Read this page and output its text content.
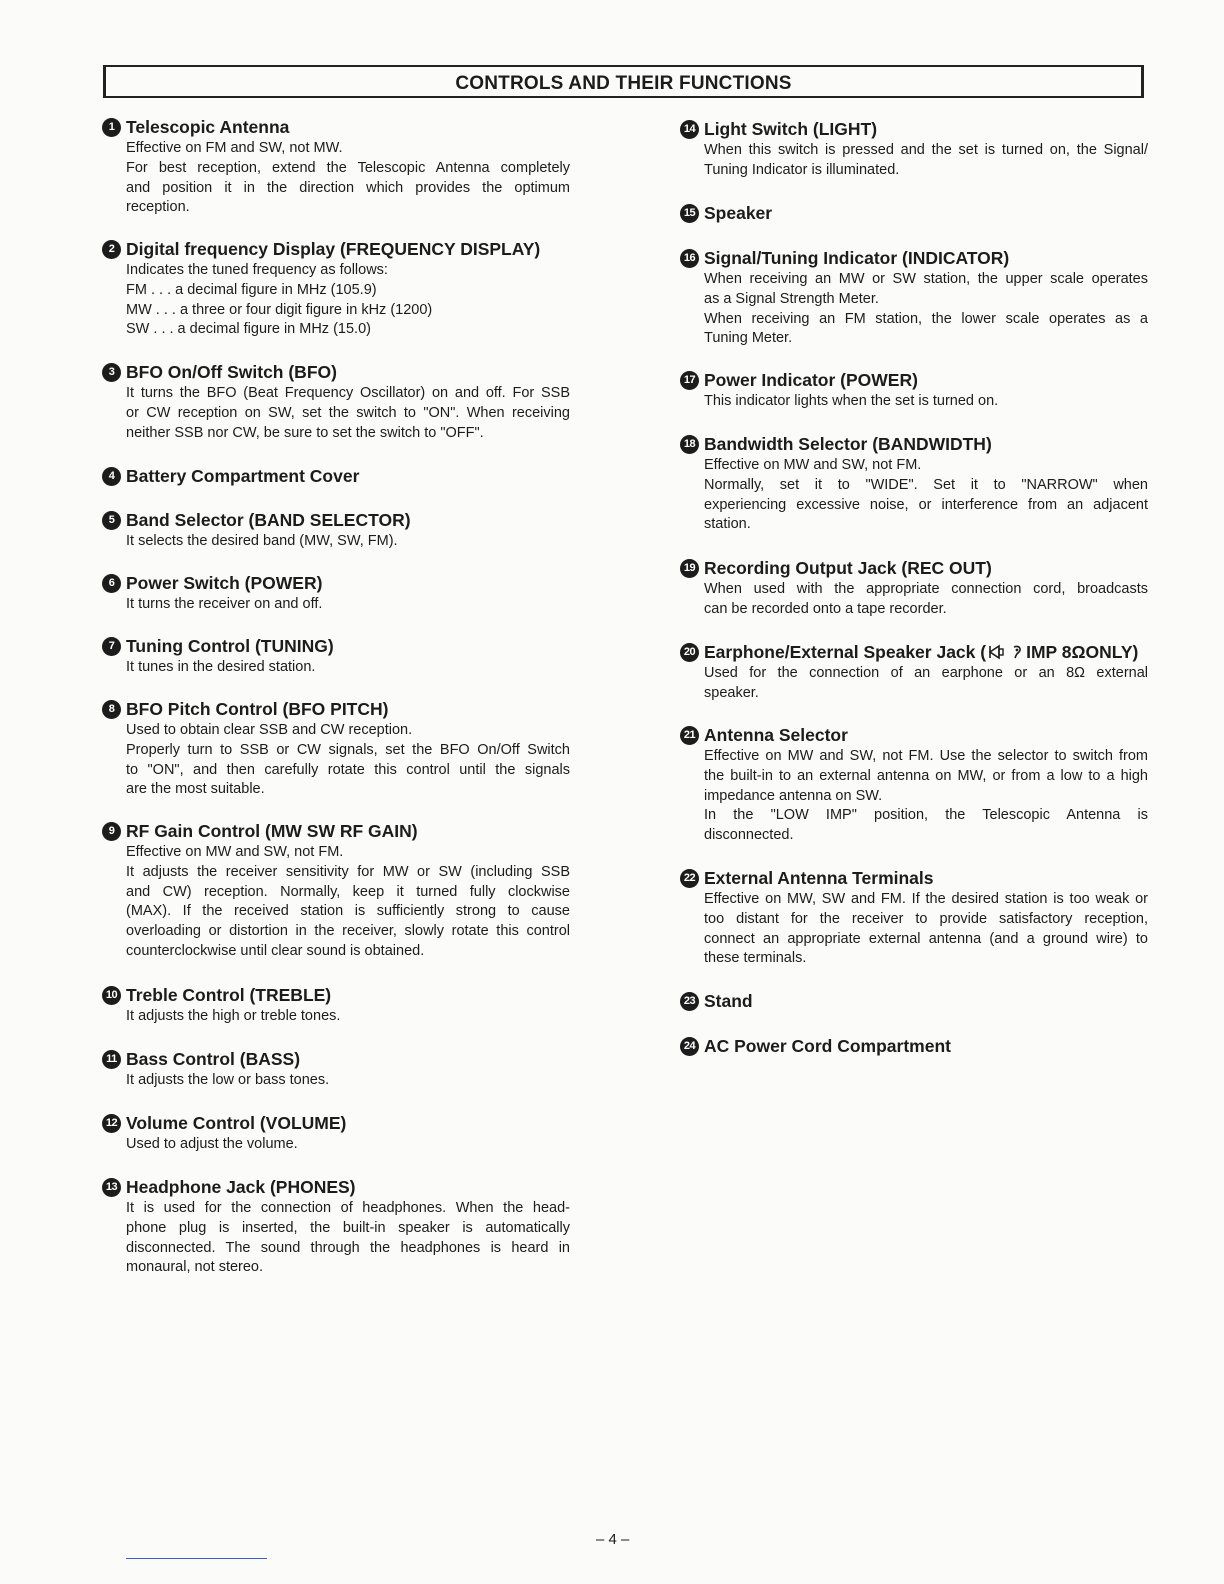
CONTROLS AND THEIR FUNCTIONS
1 Telescopic Antenna
Effective on FM and SW, not MW.
For best reception, extend the Telescopic Antenna completely
and position it in the direction which provides the optimum
reception.
2 Digital frequency Display (FREQUENCY DISPLAY)
Indicates the tuned frequency as follows:
FM . . . a decimal figure in MHz (105.9)
MW . . . a three or four digit figure in kHz (1200)
SW . . . a decimal figure in MHz (15.0)
3 BFO On/Off Switch (BFO)
It turns the BFO (Beat Frequency Oscillator) on and off. For SSB
or CW reception on SW, set the switch to "ON". When receiving
neither SSB nor CW, be sure to set the switch to "OFF".
4 Battery Compartment Cover
5 Band Selector (BAND SELECTOR)
It selects the desired band (MW, SW, FM).
6 Power Switch (POWER)
It turns the receiver on and off.
7 Tuning Control (TUNING)
It tunes in the desired station.
8 BFO Pitch Control (BFO PITCH)
Used to obtain clear SSB and CW reception.
Properly turn to SSB or CW signals, set the BFO On/Off Switch
to "ON", and then carefully rotate this control until the signals
are the most suitable.
9 RF Gain Control (MW SW RF GAIN)
Effective on MW and SW, not FM.
It adjusts the receiver sensitivity for MW or SW (including SSB
and CW) reception. Normally, keep it turned fully clockwise
(MAX). If the received station is sufficiently strong to cause
overloading or distortion in the receiver, slowly rotate this control
counterclockwise until clear sound is obtained.
10 Treble Control (TREBLE)
It adjusts the high or treble tones.
11 Bass Control (BASS)
It adjusts the low or bass tones.
12 Volume Control (VOLUME)
Used to adjust the volume.
13 Headphone Jack (PHONES)
It is used for the connection of headphones. When the head-
phone plug is inserted, the built-in speaker is automatically
disconnected. The sound through the headphones is heard in
monaural, not stereo.
14 Light Switch (LIGHT)
When this switch is pressed and the set is turned on, the Signal/
Tuning Indicator is illuminated.
15 Speaker
16 Signal/Tuning Indicator (INDICATOR)
When receiving an MW or SW station, the upper scale operates
as a Signal Strength Meter.
When receiving an FM station, the lower scale operates as a
Tuning Meter.
17 Power Indicator (POWER)
This indicator lights when the set is turned on.
18 Bandwidth Selector (BANDWIDTH)
Effective on MW and SW, not FM.
Normally, set it to "WIDE". Set it to "NARROW" when
experiencing excessive noise, or interference from an adjacent
station.
19 Recording Output Jack (REC OUT)
When used with the appropriate connection cord, broadcasts
can be recorded onto a tape recorder.
20 Earphone/External Speaker Jack ( IMP 8ΩONLY)
Used for the connection of an earphone or an 8Ω external
speaker.
21 Antenna Selector
Effective on MW and SW, not FM. Use the selector to switch from
the built-in to an external antenna on MW, or from a low to a high
impedance antenna on SW.
In the "LOW IMP" position, the Telescopic Antenna is
disconnected.
22 External Antenna Terminals
Effective on MW, SW and FM. If the desired station is too weak or
too distant for the receiver to provide satisfactory reception,
connect an appropriate external antenna (and a ground wire) to
these terminals.
23 Stand
24 AC Power Cord Compartment
– 4 –
